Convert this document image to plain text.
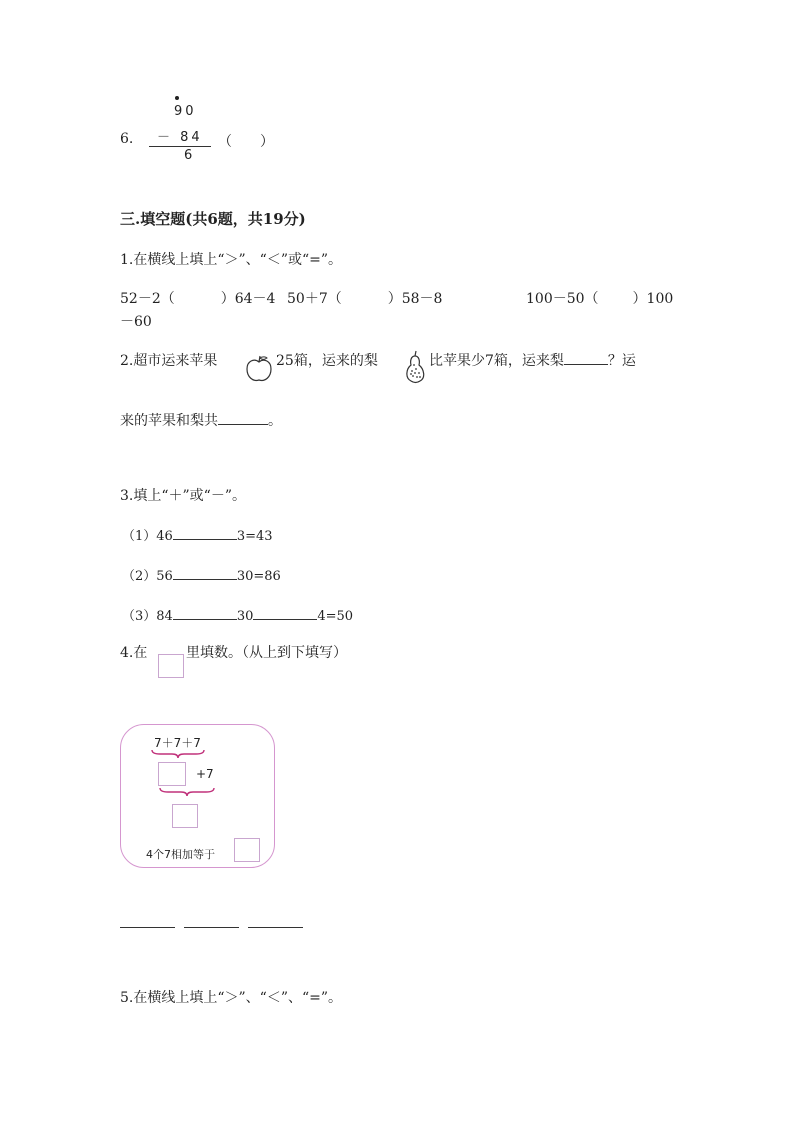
90
－ 84
6.
6
（　　）
三.填空题(共6题，共19分)
1.在横线上填上“＞”、“＜”或“=”。
52－2（	）64－4 50＋7（	）58－8	100－50（ ）100
－60
2.超市运来苹果	25箱，运来的梨	比苹果少7箱，运来梨	？运
来的苹果和梨共	。
3.填上“＋”或“－”。
（1）46	3=43
（2）56	30=86
（3）84	30	4=50
4.在	里填数。（从上到下填写）
7＋7＋7
+7
4个7相加等于
5.在横线上填上“＞”、“＜”、“=”。
